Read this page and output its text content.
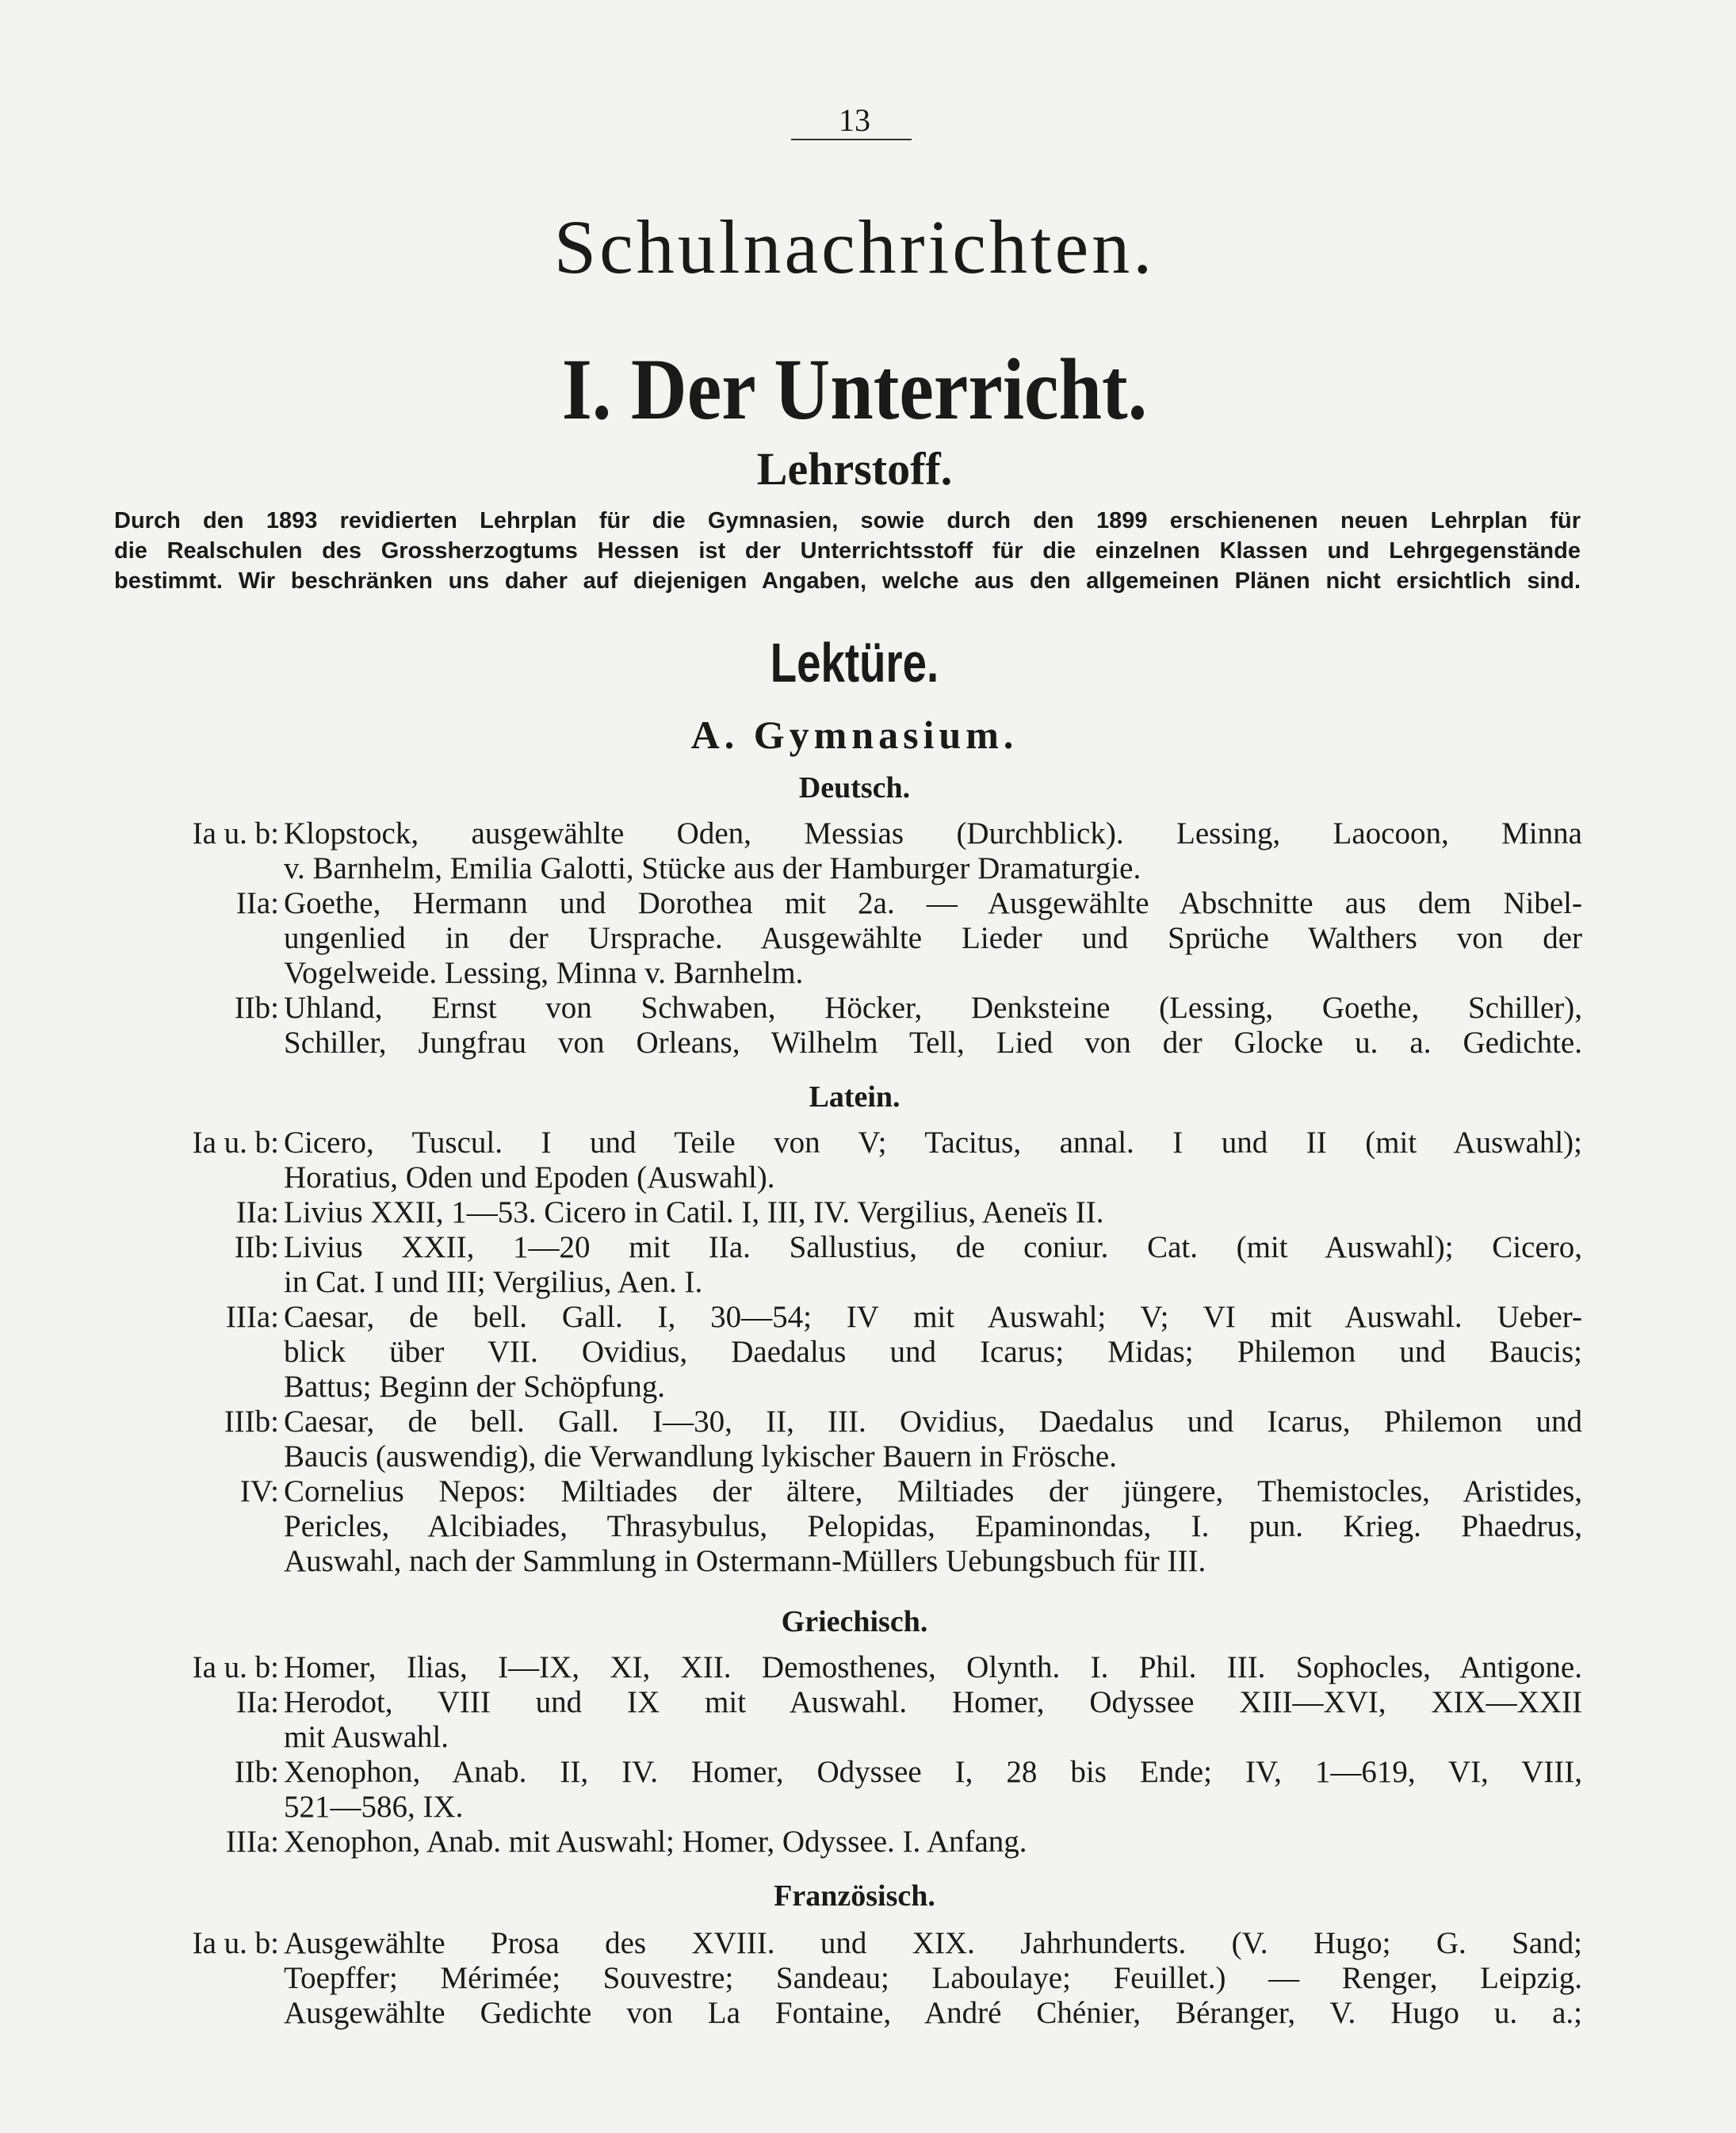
13
Schulnachrichten.
I. Der Unterricht.
Lehrstoff.
Durch den 1893 revidierten Lehrplan für die Gymnasien, sowie durch den 1899 erschienenen neuen Lehrplan für
die Realschulen des Grossherzogtums Hessen ist der Unterrichtsstoff für die einzelnen Klassen und Lehrgegenstände
bestimmt. Wir beschränken uns daher auf diejenigen Angaben, welche aus den allgemeinen Plänen nicht ersichtlich sind.
Lektüre.
A. Gymnasium.
Deutsch.
Ia u. b: Klopstock, ausgewählte Oden, Messias (Durchblick). Lessing, Laocoon, Minna
v. Barnhelm, Emilia Galotti, Stücke aus der Hamburger Dramaturgie.
IIa: Goethe, Hermann und Dorothea mit 2a. — Ausgewählte Abschnitte aus dem Nibel-
ungenlied in der Ursprache. Ausgewählte Lieder und Sprüche Walthers von der
Vogelweide. Lessing, Minna v. Barnhelm.
IIb: Uhland, Ernst von Schwaben, Höcker, Denksteine (Lessing, Goethe, Schiller),
Schiller, Jungfrau von Orleans, Wilhelm Tell, Lied von der Glocke u. a. Gedichte.
Latein.
Ia u. b: Cicero, Tuscul. I und Teile von V; Tacitus, annal. I und II (mit Auswahl);
Horatius, Oden und Epoden (Auswahl).
IIa: Livius XXII, 1—53. Cicero in Catil. I, III, IV. Vergilius, Aeneïs II.
IIb: Livius XXII, 1—20 mit IIa. Sallustius, de coniur. Cat. (mit Auswahl); Cicero,
in Cat. I und III; Vergilius, Aen. I.
IIIa: Caesar, de bell. Gall. I, 30—54; IV mit Auswahl; V; VI mit Auswahl. Ueber-
blick über VII. Ovidius, Daedalus und Icarus; Midas; Philemon und Baucis;
Battus; Beginn der Schöpfung.
IIIb: Caesar, de bell. Gall. I—30, II, III. Ovidius, Daedalus und Icarus, Philemon und
Baucis (auswendig), die Verwandlung lykischer Bauern in Frösche.
IV: Cornelius Nepos: Miltiades der ältere, Miltiades der jüngere, Themistocles, Aristides,
Pericles, Alcibiades, Thrasybulus, Pelopidas, Epaminondas, I. pun. Krieg. Phaedrus,
Auswahl, nach der Sammlung in Ostermann-Müllers Uebungsbuch für III.
Griechisch.
Ia u. b: Homer, Ilias, I—IX, XI, XII. Demosthenes, Olynth. I. Phil. III. Sophocles, Antigone.
IIa: Herodot, VIII und IX mit Auswahl. Homer, Odyssee XIII—XVI, XIX—XXII
mit Auswahl.
IIb: Xenophon, Anab. II, IV. Homer, Odyssee I, 28 bis Ende; IV, 1—619, VI, VIII,
521—586, IX.
IIIa: Xenophon, Anab. mit Auswahl; Homer, Odyssee. I. Anfang.
Französisch.
Ia u. b: Ausgewählte Prosa des XVIII. und XIX. Jahrhunderts. (V. Hugo; G. Sand;
Toepffer; Mérimée; Souvestre; Sandeau; Laboulaye; Feuillet.) — Renger, Leipzig.
Ausgewählte Gedichte von La Fontaine, André Chénier, Béranger, V. Hugo u. a.;
